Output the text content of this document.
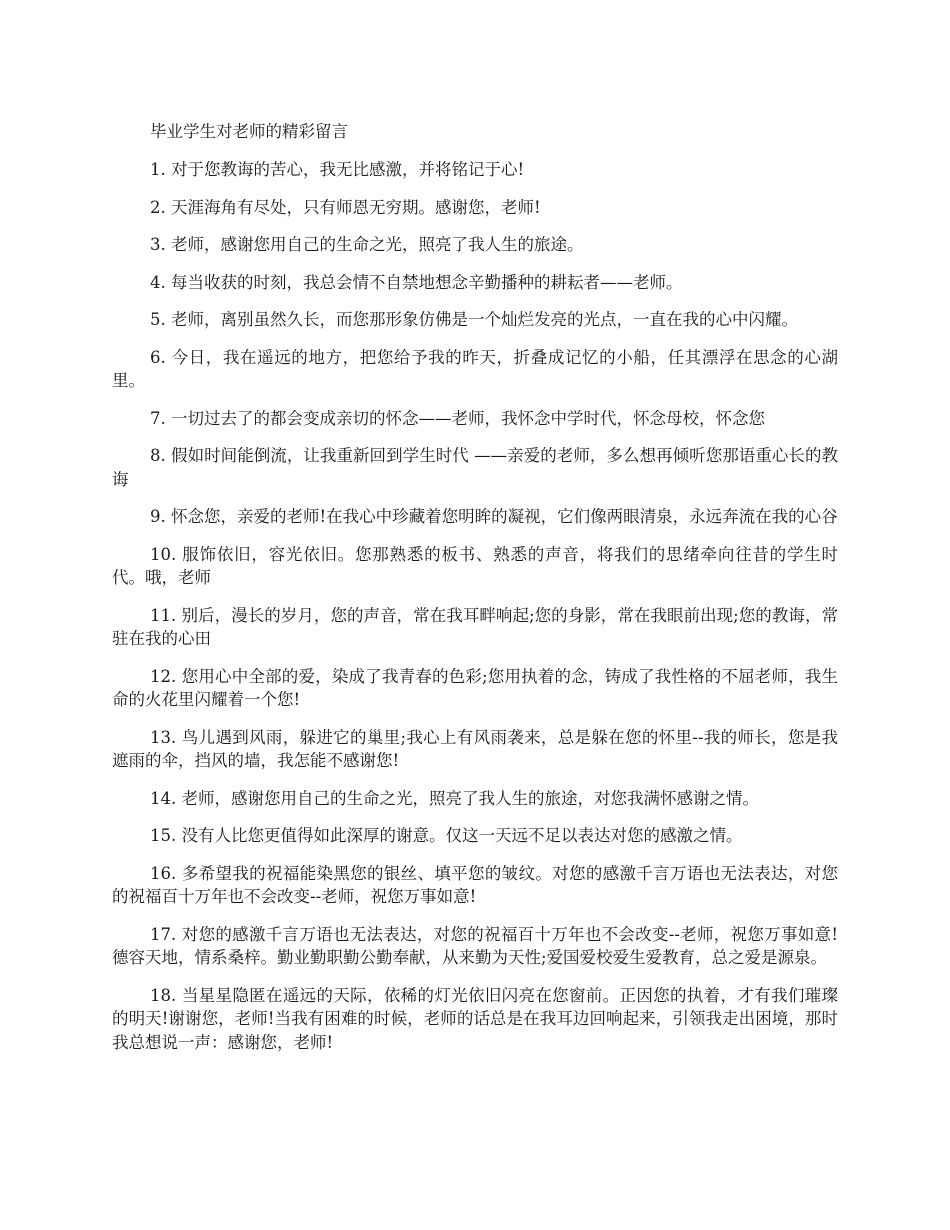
毕业学生对老师的精彩留言

1. 对于您教诲的苦心，我无比感激，并将铭记于心!

2. 天涯海角有尽处，只有师恩无穷期。感谢您，老师!

3. 老师，感谢您用自己的生命之光，照亮了我人生的旅途。

4. 每当收获的时刻，我总会情不自禁地想念辛勤播种的耕耘者——老师。

5. 老师，离别虽然久长，而您那形象仿佛是一个灿烂发亮的光点，一直在我的心中闪耀。

6. 今日，我在遥远的地方，把您给予我的昨天，折叠成记忆的小船，任其漂浮在思念的心湖里。

7. 一切过去了的都会变成亲切的怀念——老师，我怀念中学时代，怀念母校，怀念您

8. 假如时间能倒流，让我重新回到学生时代 ——亲爱的老师，多么想再倾听您那语重心长的教诲

9. 怀念您，亲爱的老师!在我心中珍藏着您明眸的凝视，它们像两眼清泉，永远奔流在我的心谷

10. 服饰依旧，容光依旧。您那熟悉的板书、熟悉的声音，将我们的思绪牵向往昔的学生时代。哦，老师

11. 别后，漫长的岁月，您的声音，常在我耳畔响起;您的身影，常在我眼前出现;您的教诲，常驻在我的心田

12. 您用心中全部的爱，染成了我青春的色彩;您用执着的念，铸成了我性格的不屈老师，我生命的火花里闪耀着一个您!

13. 鸟儿遇到风雨，躲进它的巢里;我心上有风雨袭来，总是躲在您的怀里--我的师长，您是我遮雨的伞，挡风的墙，我怎能不感谢您!

14. 老师，感谢您用自己的生命之光，照亮了我人生的旅途，对您我满怀感谢之情。

15. 没有人比您更值得如此深厚的谢意。仅这一天远不足以表达对您的感激之情。

16. 多希望我的祝福能染黑您的银丝、填平您的皱纹。对您的感激千言万语也无法表达，对您的祝福百十万年也不会改变--老师，祝您万事如意!

17. 对您的感激千言万语也无法表达，对您的祝福百十万年也不会改变--老师，祝您万事如意!德容天地，情系桑梓。勤业勤职勤公勤奉献，从来勤为天性;爱国爱校爱生爱教育，总之爱是源泉。

18. 当星星隐匿在遥远的天际，依稀的灯光依旧闪亮在您窗前。正因您的执着，才有我们璀璨的明天!谢谢您，老师!当我有困难的时候，老师的话总是在我耳边回响起来，引领我走出困境，那时我总想说一声：感谢您，老师!
